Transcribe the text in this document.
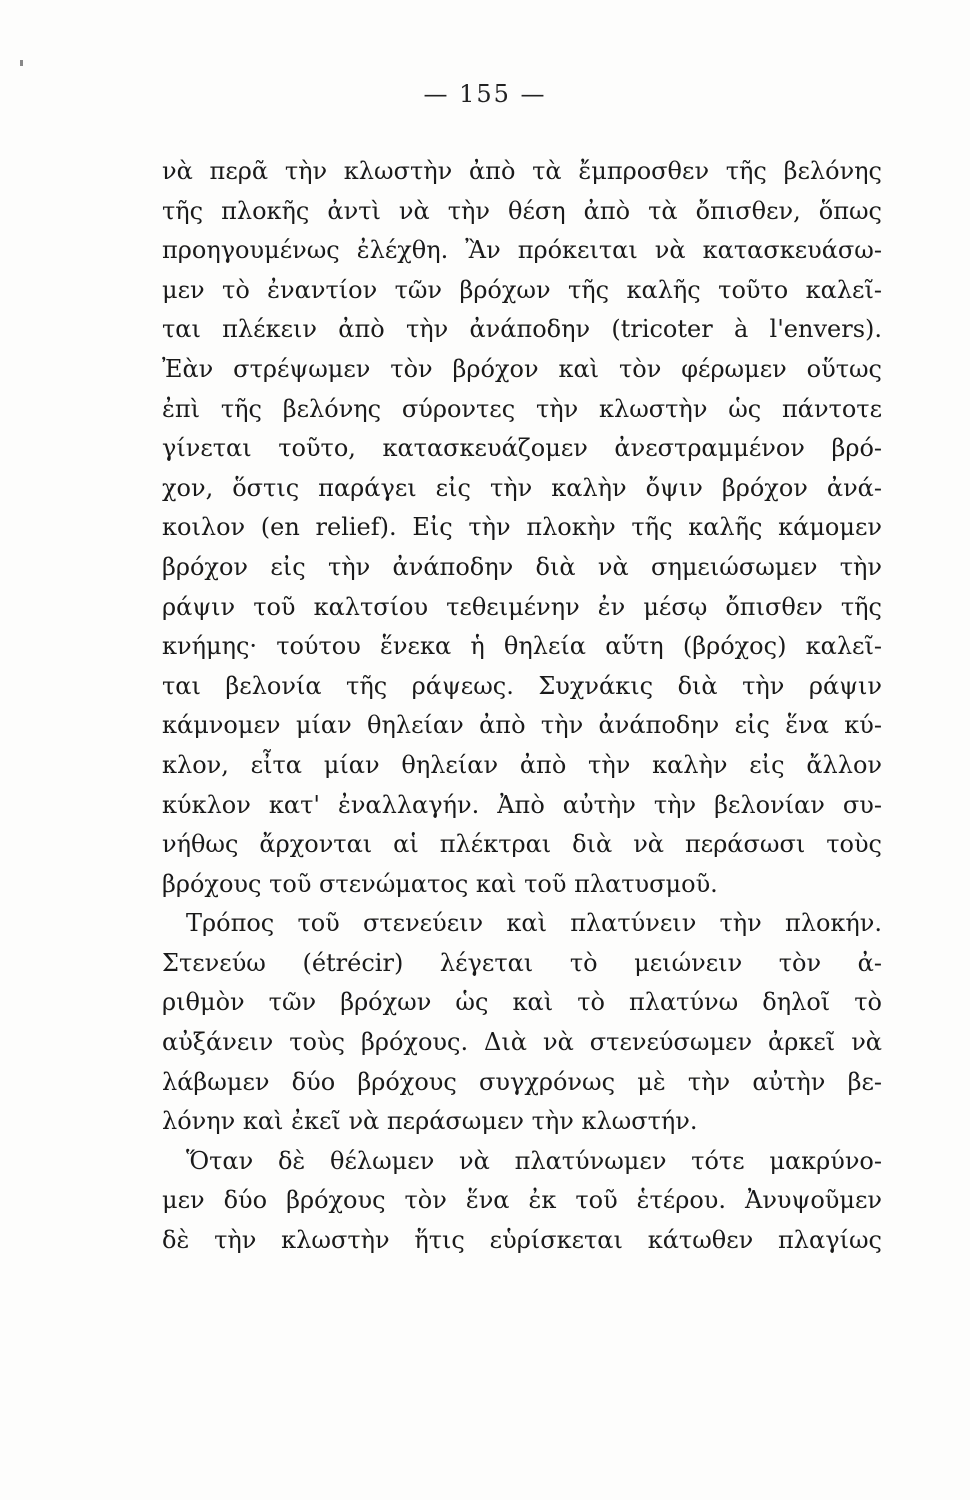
— 155 —
νὰ περᾶ τὴν κλωστὴν ἀπὸ τὰ ἔμπροσθεν τῆς βελόνης
τῆς πλοκῆς ἀντὶ νὰ τὴν θέση ἀπὸ τὰ ὄπισθεν, ὅπως
προηγουμένως ἐλέχθη. Ἂν πρόκειται νὰ κατασκευάσω-
μεν τὸ ἐναντίον τῶν βρόχων τῆς καλῆς τοῦτο καλεῖ-
ται πλέκειν ἀπὸ τὴν ἀνάποδην (tricoter à l'envers).
Ἐὰν στρέψωμεν τὸν βρόχον καὶ τὸν φέρωμεν οὕτως
ἐπὶ τῆς βελόνης σύροντες τὴν κλωστὴν ὡς πάντοτε
γίνεται τοῦτο, κατασκευάζομεν ἀνεστραμμένον βρό-
χον, ὅστις παράγει εἰς τὴν καλὴν ὄψιν βρόχον ἀνά-
κοιλον (en relief). Εἰς τὴν πλοκὴν τῆς καλῆς κάμομεν
βρόχον εἰς τὴν ἀνάποδην διὰ νὰ σημειώσωμεν τὴν
ράψιν τοῦ καλτσίου τεθειμένην ἐν μέσῳ ὄπισθεν τῆς
κνήμης· τούτου ἕνεκα ἡ θηλεία αὕτη (βρόχος) καλεῖ-
ται βελονία τῆς ράψεως. Συχνάκις διὰ τὴν ράψιν
κάμνομεν μίαν θηλείαν ἀπὸ τὴν ἀνάποδην εἰς ἕνα κύ-
κλον, εἶτα μίαν θηλείαν ἀπὸ τὴν καλὴν εἰς ἄλλον
κύκλον κατ' ἐναλλαγήν. Ἀπὸ αὐτὴν τὴν βελονίαν συ-
νήθως ἄρχονται αἱ πλέκτραι διὰ νὰ περάσωσι τοὺς
βρόχους τοῦ στενώματος καὶ τοῦ πλατυσμοῦ.
Τρόπος τοῦ στενεύειν καὶ πλατύνειν τὴν πλοκήν.
Στενεύω (étrécir) λέγεται τὸ μειώνειν τὸν ἀ-
ριθμὸν τῶν βρόχων ὡς καὶ τὸ πλατύνω δηλοῖ τὸ
αὐξάνειν τοὺς βρόχους. Διὰ νὰ στενεύσωμεν ἀρκεῖ νὰ
λάβωμεν δύο βρόχους συγχρόνως μὲ τὴν αὐτὴν βε-
λόνην καὶ ἐκεῖ νὰ περάσωμεν τὴν κλωστήν.
Ὅταν δὲ θέλωμεν νὰ πλατύνωμεν τότε μακρύνο-
μεν δύο βρόχους τὸν ἕνα ἐκ τοῦ ἑτέρου. Ἀνυψοῦμεν
δὲ τὴν κλωστὴν ἥτις εὑρίσκεται κάτωθεν πλαγίως
